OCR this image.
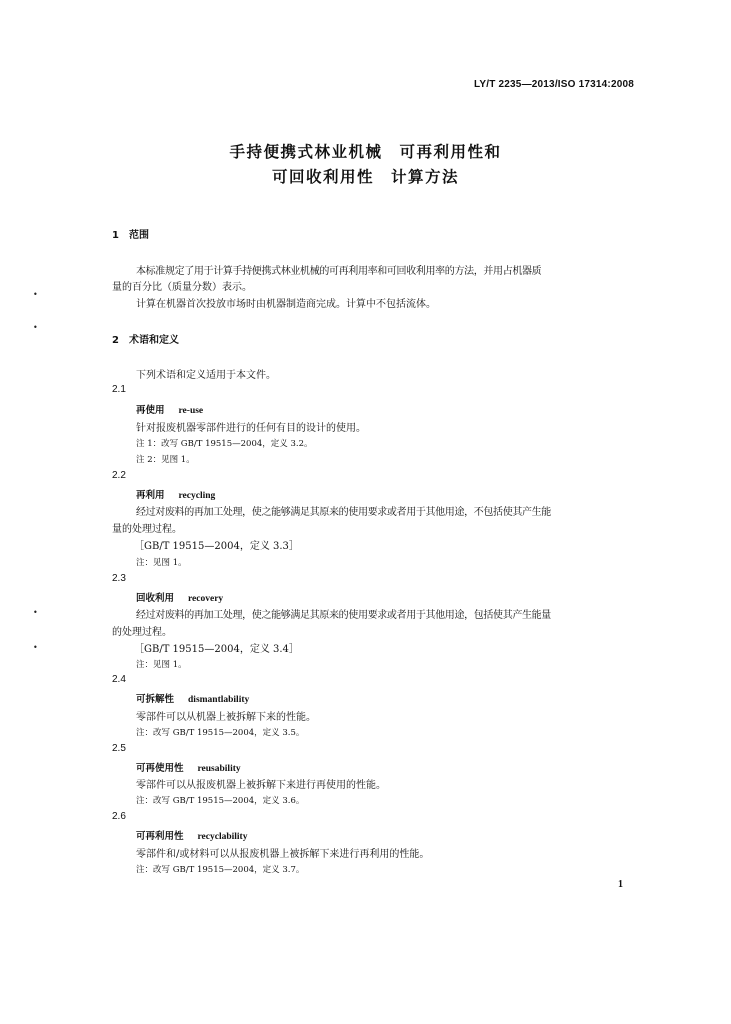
LY/T 2235—2013/ISO 17314:2008
手持便携式林业机械　可再利用性和
可回收利用性　计算方法
1　范围
本标准规定了用于计算手持便携式林业机械的可再利用率和可回收利用率的方法，并用占机器质
量的百分比（质量分数）表示。
计算在机器首次投放市场时由机器制造商完成。计算中不包括流体。
2　术语和定义
下列术语和定义适用于本文件。
2.1
再使用 re-use
针对报废机器零部件进行的任何有目的设计的使用。
注 1：改写 GB/T 19515—2004，定义 3.2。
注 2：见图 1。
2.2
再利用 recycling
经过对废料的再加工处理，使之能够满足其原来的使用要求或者用于其他用途，不包括使其产生能
量的处理过程。
［GB/T 19515—2004，定义 3.3］
注：见图 1。
2.3
回收利用 recovery
经过对废料的再加工处理，使之能够满足其原来的使用要求或者用于其他用途，包括使其产生能量
的处理过程。
［GB/T 19515—2004，定义 3.4］
注：见图 1。
2.4
可拆解性 dismantlability
零部件可以从机器上被拆解下来的性能。
注：改写 GB/T 19515—2004，定义 3.5。
2.5
可再使用性 reusability
零部件可以从报废机器上被拆解下来进行再使用的性能。
注：改写 GB/T 19515—2004，定义 3.6。
2.6
可再利用性 recyclability
零部件和/或材料可以从报废机器上被拆解下来进行再利用的性能。
注：改写 GB/T 19515—2004，定义 3.7。
1
•
•
•
•
